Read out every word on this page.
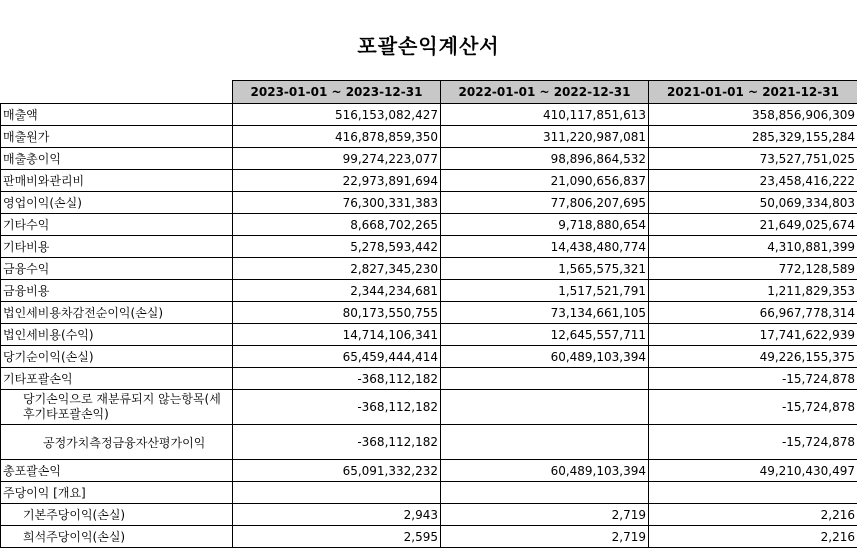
포괄손익계산서
	2023-01-01 ~ 2023-12-31	2022-01-01 ~ 2022-12-31	2021-01-01 ~ 2021-12-31
매출액	516,153,082,427	410,117,851,613	358,856,906,309
매출원가	416,878,859,350	311,220,987,081	285,329,155,284
매출총이익	99,274,223,077	98,896,864,532	73,527,751,025
판매비와관리비	22,973,891,694	21,090,656,837	23,458,416,222
영업이익(손실)	76,300,331,383	77,806,207,695	50,069,334,803
기타수익	8,668,702,265	9,718,880,654	21,649,025,674
기타비용	5,278,593,442	14,438,480,774	4,310,881,399
금융수익	2,827,345,230	1,565,575,321	772,128,589
금융비용	2,344,234,681	1,517,521,791	1,211,829,353
법인세비용차감전순이익(손실)	80,173,550,755	73,134,661,105	66,967,778,314
법인세비용(수익)	14,714,106,341	12,645,557,711	17,741,622,939
당기순이익(손실)	65,459,444,414	60,489,103,394	49,226,155,375
기타포괄손익	-368,112,182		-15,724,878
당기손익으로 재분류되지 않는항목(세후기타포괄손익)	-368,112,182		-15,724,878
공정가치측정금융자산평가이익	-368,112,182		-15,724,878
총포괄손익	65,091,332,232	60,489,103,394	49,210,430,497
주당이익 [개요]			
기본주당이익(손실)	2,943	2,719	2,216
희석주당이익(손실)	2,595	2,719	2,216
